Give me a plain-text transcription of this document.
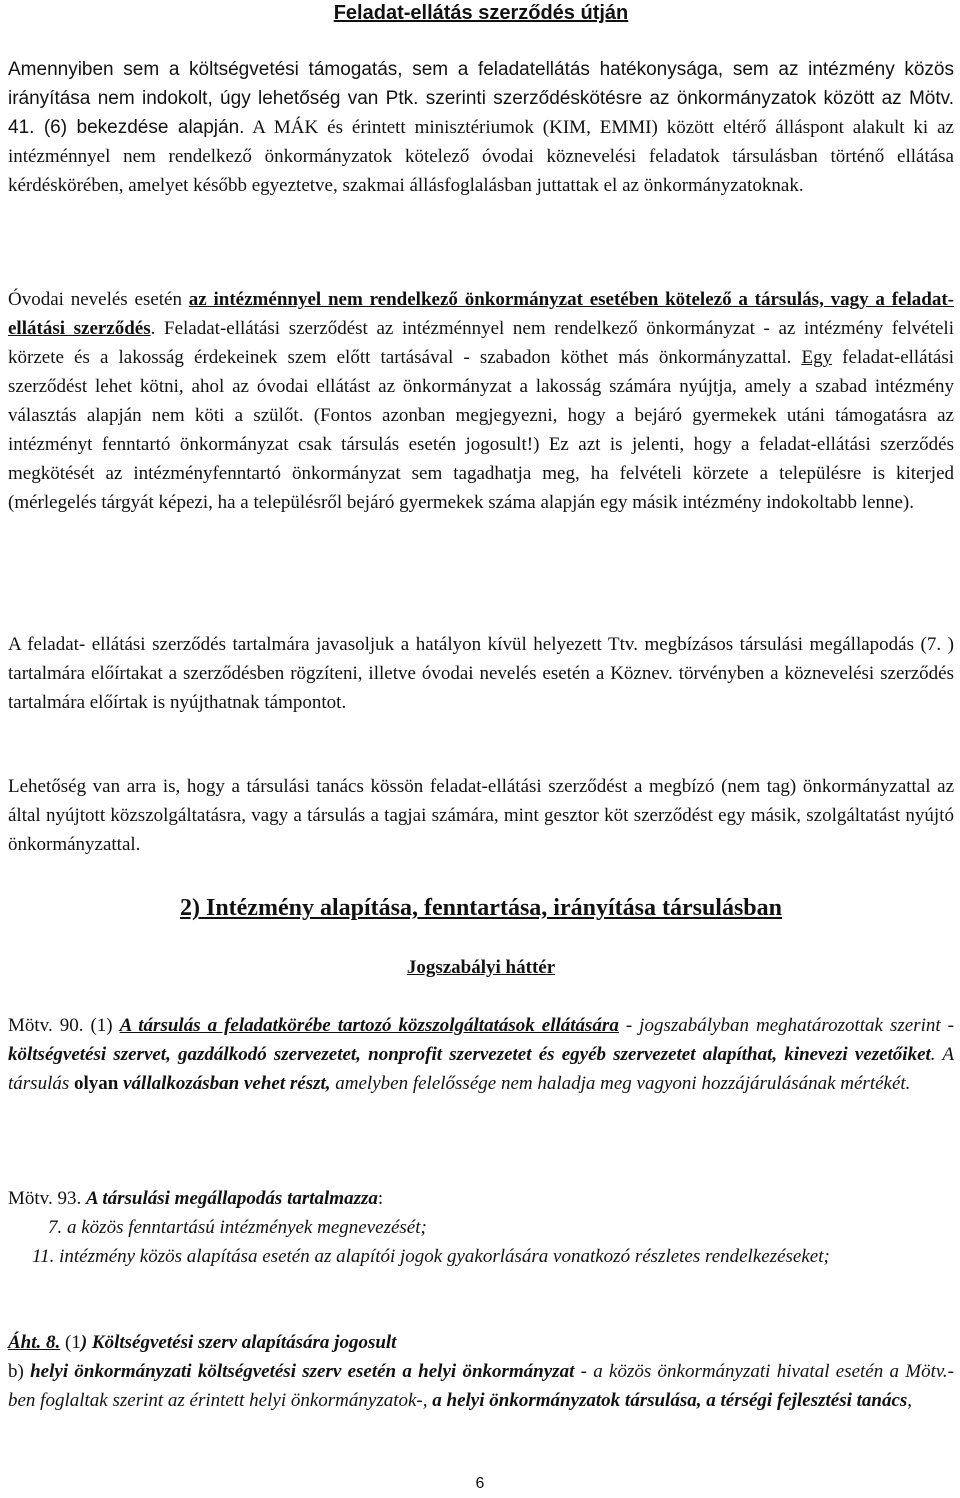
Feladat-ellátás szerződés útján

Amennyiben sem a költségvetési támogatás, sem a feladatellátás hatékonysága, sem az intézmény közös irányítása nem indokolt, úgy lehetőség van Ptk. szerinti szerződéskötésre az önkormányzatok között az Mötv. 41. (6) bekezdése alapján. A MÁK és érintett minisztériumok (KIM, EMMI) között eltérő álláspont alakult ki az intézménnyel nem rendelkező önkormányzatok kötelező óvodai köznevelési feladatok társulásban történő ellátása kérdéskörében, amelyet később egyeztetve, szakmai állásfoglalásban juttattak el az önkormányzatoknak.

Óvodai nevelés esetén az intézménnyel nem rendelkező önkormányzat esetében kötelező a társulás, vagy a feladat-ellátási szerződés. Feladat-ellátási szerződést az intézménnyel nem rendelkező önkormányzat - az intézmény felvételi körzete és a lakosság érdekeinek szem előtt tartásával - szabadon köthet más önkormányzattal. Egy feladat-ellátási szerződést lehet kötni, ahol az óvodai ellátást az önkormányzat a lakosság számára nyújtja, amely a szabad intézmény választás alapján nem köti a szülőt. (Fontos azonban megjegyezni, hogy a bejáró gyermekek utáni támogatásra az intézményt fenntartó önkormányzat csak társulás esetén jogosult!) Ez azt is jelenti, hogy a feladat-ellátási szerződés megkötését az intézményfenntartó önkormányzat sem tagadhatja meg, ha felvételi körzete a településre is kiterjed (mérlegelés tárgyát képezi, ha a településről bejáró gyermekek száma alapján egy másik intézmény indokoltabb lenne).

A feladat- ellátási szerződés tartalmára javasoljuk a hatályon kívül helyezett Ttv. megbízásos társulási megállapodás (7. ) tartalmára előírtakat a szerződésben rögzíteni, illetve óvodai nevelés esetén a Köznev. törvényben a köznevelési szerződés tartalmára előírtak is nyújthatnak támpontot.

Lehetőség van arra is, hogy a társulási tanács kössön feladat-ellátási szerződést a megbízó (nem tag) önkormányzattal az által nyújtott közszolgáltatásra, vagy a társulás a tagjai számára, mint gesztor köt szerződést egy másik, szolgáltatást nyújtó önkormányzattal.

2) Intézmény alapítása, fenntartása, irányítása társulásban
Jogszabályi háttér

Mötv. 90. (1) A társulás a feladatkörébe tartozó közszolgáltatások ellátására - jogszabályban meghatározottak szerint - költségvetési szervet, gazdálkodó szervezetet, nonprofit szervezetet és egyéb szervezetet alapíthat, kinevezi vezetőiket. A társulás olyan vállalkozásban vehet részt, amelyben felelőssége nem haladja meg vagyoni hozzájárulásának mértékét.

Mötv. 93. A társulási megállapodás tartalmazza:

7. a közös fenntartású intézmények megnevezését;

11. intézmény közös alapítása esetén az alapítói jogok gyakorlására vonatkozó részletes rendelkezéseket;

Áht. 8. (1) Költségvetési szerv alapítására jogosult

b) helyi önkormányzati költségvetési szerv esetén a helyi önkormányzat - a közös önkormányzati hivatal esetén a Mötv.-ben foglaltak szerint az érintett helyi önkormányzatok-, a helyi önkormányzatok társulása, a térségi fejlesztési tanács,

6
